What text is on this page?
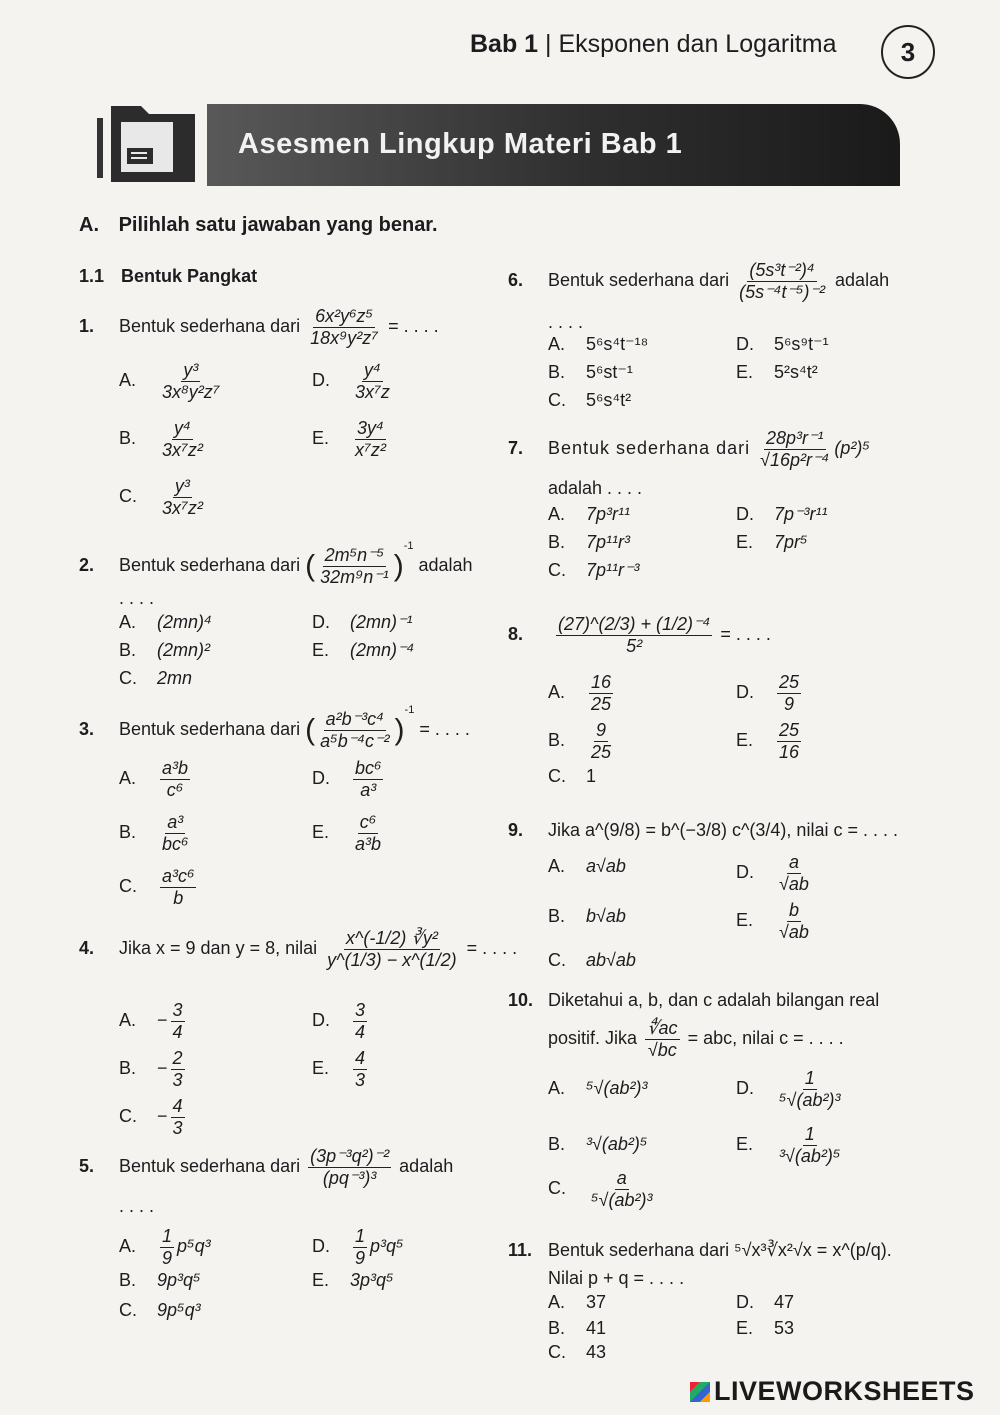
Bab 1 | Eksponen dan Logaritma	3
Asesmen Lingkup Materi Bab 1
A. Pilihlah satu jawaban yang benar.
1.1 Bentuk Pangkat
1. Bentuk sederhana dari $\frac{\text{6x²y⁶z⁵}}{\text{18x⁹y²z⁷}}$ = . . . .
A. $\frac{\text{y³}}{\text{3x⁸y²z⁷}}$	D. $\frac{\text{y⁴}}{\text{3x⁷z}}$
B. $\frac{\text{y⁴}}{\text{3x⁷z²}}$	E. $\frac{\text{3y⁴}}{\text{x⁷z²}}$
C. $\frac{\text{y³}}{\text{3x⁷z²}}$
2. Bentuk sederhana dari ( $\frac{\text{2m⁵n⁻⁵}}{\text{32m⁹n⁻¹}} )^{-1}$ adalah
. . . .
A. (2mn)⁴	D. (2mn)⁻¹
B. (2mn)²	E. (2mn)⁻⁴
C. 2mn
3. Bentuk sederhana dari ( $\frac{\text{a²b⁻³c⁴}}{\text{a⁵b⁻⁴c⁻²}} )^{-1}$ = . . . .
A. $\frac{\text{a³b}}{\text{c⁶}}$	D. $\frac{\text{bc⁶}}{\text{a³}}$
B. $\frac{\text{a³}}{\text{bc⁶}}$	E. $\frac{\text{c⁶}}{\text{a³b}}$
C. $\frac{\text{a³c⁶}}{b}$
4. Jika x = 9 dan y = 8, nilai $\frac{\text{x\textasciicircum{}(-1/2) ∛y²}}{y\^{}(1/3) - x\^{}(1/2)}$ = . . . .
A. − $\frac{3}{4}$	D. $\frac{3}{4}$
B. − $\frac{2}{3}$	E. $\frac{4}{3}$
C. − $\frac{4}{3}$
5. Bentuk sederhana dari $\frac{\text{(3p⁻³q²)⁻²}}{\text{(pq⁻³)³}}$ adalah
. . . .
A. $\frac{1}{9} p^5q^3$	D. $\frac{1}{9} p^3q^5$
B. 9p³q⁵	E. 3p³q⁵
C. 9p⁵q³
6. Bentuk sederhana dari $\frac{\text{(5s³t⁻²)⁴}}{\text{(5s⁻⁴t⁻⁵)⁻²}}$ adalah
. . . .
A. 5⁶s⁴t⁻¹⁸	D. 5⁶s⁹t⁻¹
B. 5⁶st⁻¹	E. 5²s⁴t²
C. 5⁶s⁴t²
7. Bentuk sederhana dari $\frac{\text{28p³r⁻¹}}{\text{√16p²r⁻⁴}} (p^2)^5$
adalah . . . .
A. 7p³r¹¹	D. 7p⁻³r¹¹
B. 7p¹¹r³	E. 7pr⁵
C. 7p¹¹r⁻³
8. $\frac{\text{(27)\textasciicircum{}(2/3) + (1/2)⁻⁴}}{\text{5²}}$ = . . . .
A. $\frac{16}{25}$	D. $\frac{25}{9}$
B. $\frac{9}{25}$	E. $\frac{25}{16}$
C. 1
9. Jika a^(9/8) = b^(−3/8) c^(3/4), nilai c = . . . .
A. a√ab	D. $\frac{a}{√ab}$
B. b√ab	E. $\frac{b}{√ab}$
C. ab√ab
10. Diketahui a, b, dan c adalah bilangan real
positif. Jika $\frac{∜ac}{√bc}$ = abc, nilai c = . . . .
A. ⁵√(ab²)³	D. $\frac{1}{\text{⁵√(ab²)³}}$
B. ³√(ab²)⁵	E. $\frac{1}{\text{³√(ab²)⁵}}$
C. $\frac{a}{\text{⁵√(ab²)³}}$
11. Bentuk sederhana dari ⁵√x³∛x²√x = x^(p/q).
Nilai p + q = . . . .
A. 37	D. 47
B. 41	E. 53
C. 43
LIVEWORKSHEETS
